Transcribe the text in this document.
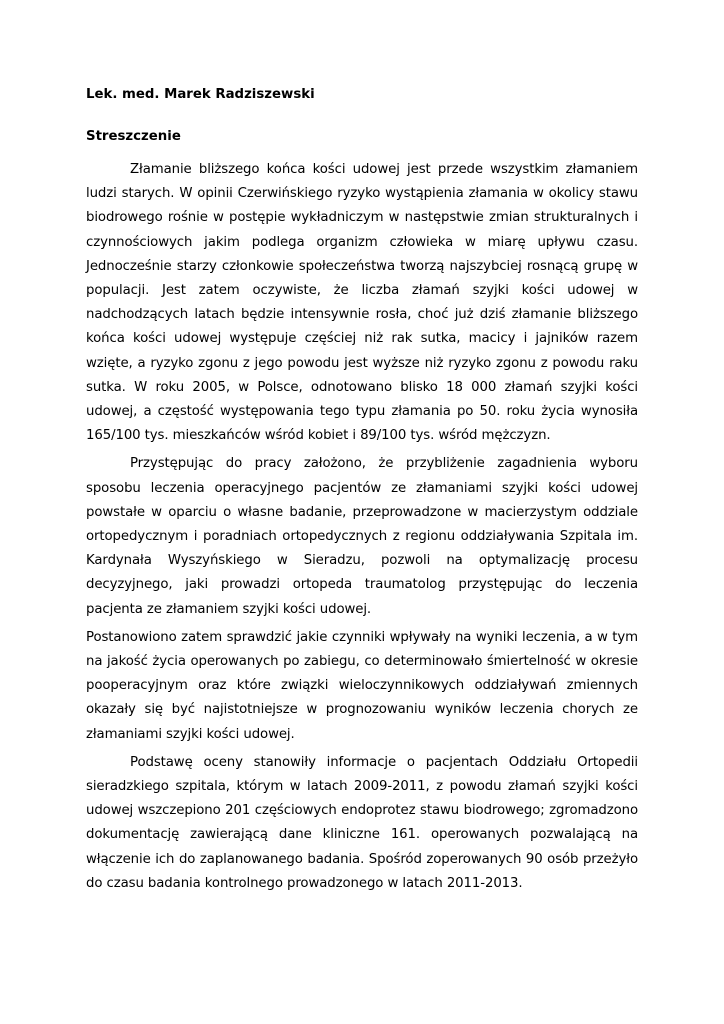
Lek. med. Marek Radziszewski

Streszczenie

Złamanie bliższego końca kości udowej jest przede wszystkim złamaniem ludzi starych. W opinii Czerwińskiego ryzyko wystąpienia złamania w okolicy stawu biodrowego rośnie w postępie wykładniczym w następstwie zmian strukturalnych i czynnościowych jakim podlega organizm człowieka w miarę upływu czasu. Jednocześnie starzy członkowie społeczeństwa tworzą najszybciej rosnącą grupę w populacji. Jest zatem oczywiste, że liczba złamań szyjki kości udowej w nadchodzących latach będzie intensywnie rosła, choć już dziś złamanie bliższego końca kości udowej występuje częściej niż rak sutka, macicy i jajników razem wzięte, a ryzyko zgonu z jego powodu jest wyższe niż ryzyko zgonu z powodu raku sutka. W roku 2005, w Polsce, odnotowano blisko 18 000 złamań szyjki kości udowej, a częstość występowania tego typu złamania po 50. roku życia wynosiła 165/100 tys. mieszkańców wśród kobiet i 89/100 tys. wśród mężczyzn.

Przystępując do pracy założono, że przybliżenie zagadnienia wyboru sposobu leczenia operacyjnego pacjentów ze złamaniami szyjki kości udowej powstałe w oparciu o własne badanie, przeprowadzone w macierzystym oddziale ortopedycznym i poradniach ortopedycznych z regionu oddziaływania Szpitala im. Kardynała Wyszyńskiego w Sieradzu, pozwoli na optymalizację procesu decyzyjnego, jaki prowadzi ortopeda traumatolog przystępując do leczenia pacjenta ze złamaniem szyjki kości udowej.

Postanowiono zatem sprawdzić jakie czynniki wpływały na wyniki leczenia, a w tym na jakość życia operowanych po zabiegu, co determinowało śmiertelność w okresie pooperacyjnym oraz które związki wieloczynnikowych oddziaływań zmiennych okazały się być najistotniejsze w prognozowaniu wyników leczenia chorych ze złamaniami szyjki kości udowej.

Podstawę oceny stanowiły informacje o pacjentach Oddziału Ortopedii sieradzkiego szpitala, którym w latach 2009-2011, z powodu złamań szyjki kości udowej wszczepiono 201 częściowych endoprotez stawu biodrowego; zgromadzono dokumentację zawierającą dane kliniczne 161. operowanych pozwalającą na włączenie ich do zaplanowanego badania. Spośród zoperowanych 90 osób przeżyło do czasu badania kontrolnego prowadzonego w latach 2011-2013.
